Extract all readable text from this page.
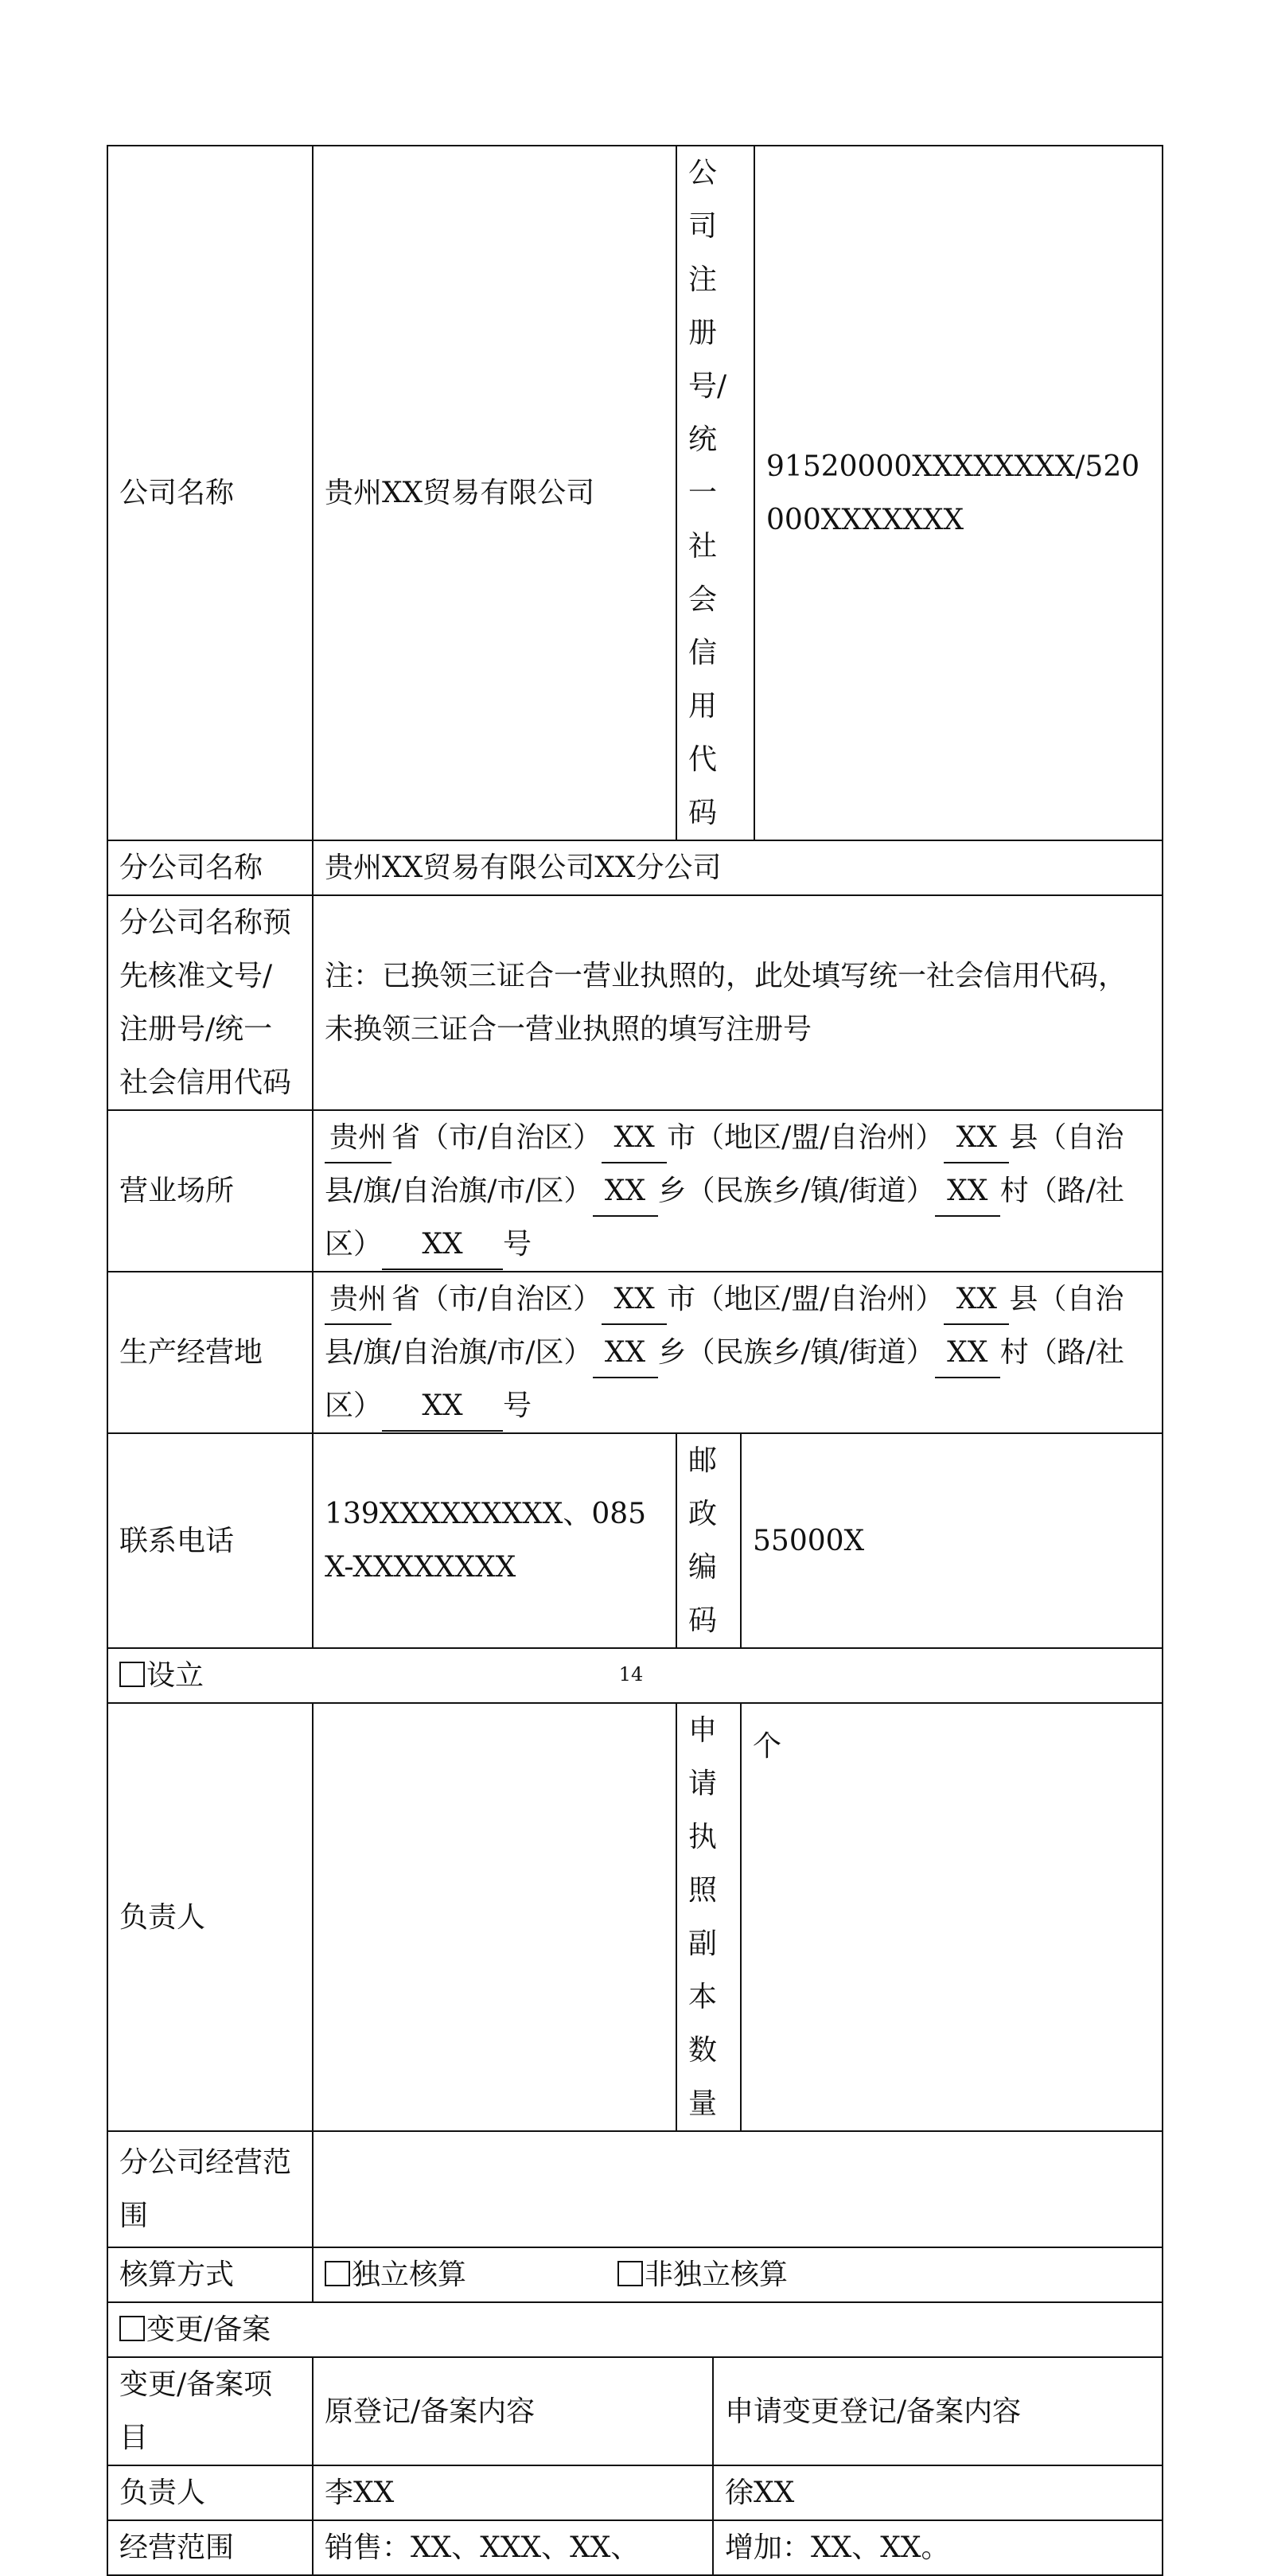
公司名称	贵州XX贸易有限公司	公司注册号/统一社会信用代码			91520000XXXXXXXX/520000XXXXXXX
分公司名称	贵州XX贸易有限公司XX分公司				
分公司名称预先核准文号/注册号/统一社会信用代码	注：已换领三证合一营业执照的，此处填写统一社会信用代码，未换领三证合一营业执照的填写注册号				
营业场所	贵州 省（市/自治区） XX 市（地区/盟/自治州） XX 县（自治县/旗/自治旗/市/区） XX 乡（民族乡/镇/街道） XX 村（路/社区） XX 号				
生产经营地	贵州 省（市/自治区） XX 市（地区/盟/自治州） XX 县（自治县/旗/自治旗/市/区） XX 乡（民族乡/镇/街道） XX 村（路/社区） XX 号				
联系电话	139XXXXXXXXX、085X-XXXXXXXX	邮政编码		55000X	
设立					
负责人		申请执照副本数量		个	
分公司经营范围					
核算方式	独立核算 非独立核算				
变更/备案					
变更/备案项目	原登记/备案内容		申请变更登记/备案内容		
负责人	李XX		徐XX		
经营范围	销售：XX、XXX、XX、		增加：XX、XX。		
14
